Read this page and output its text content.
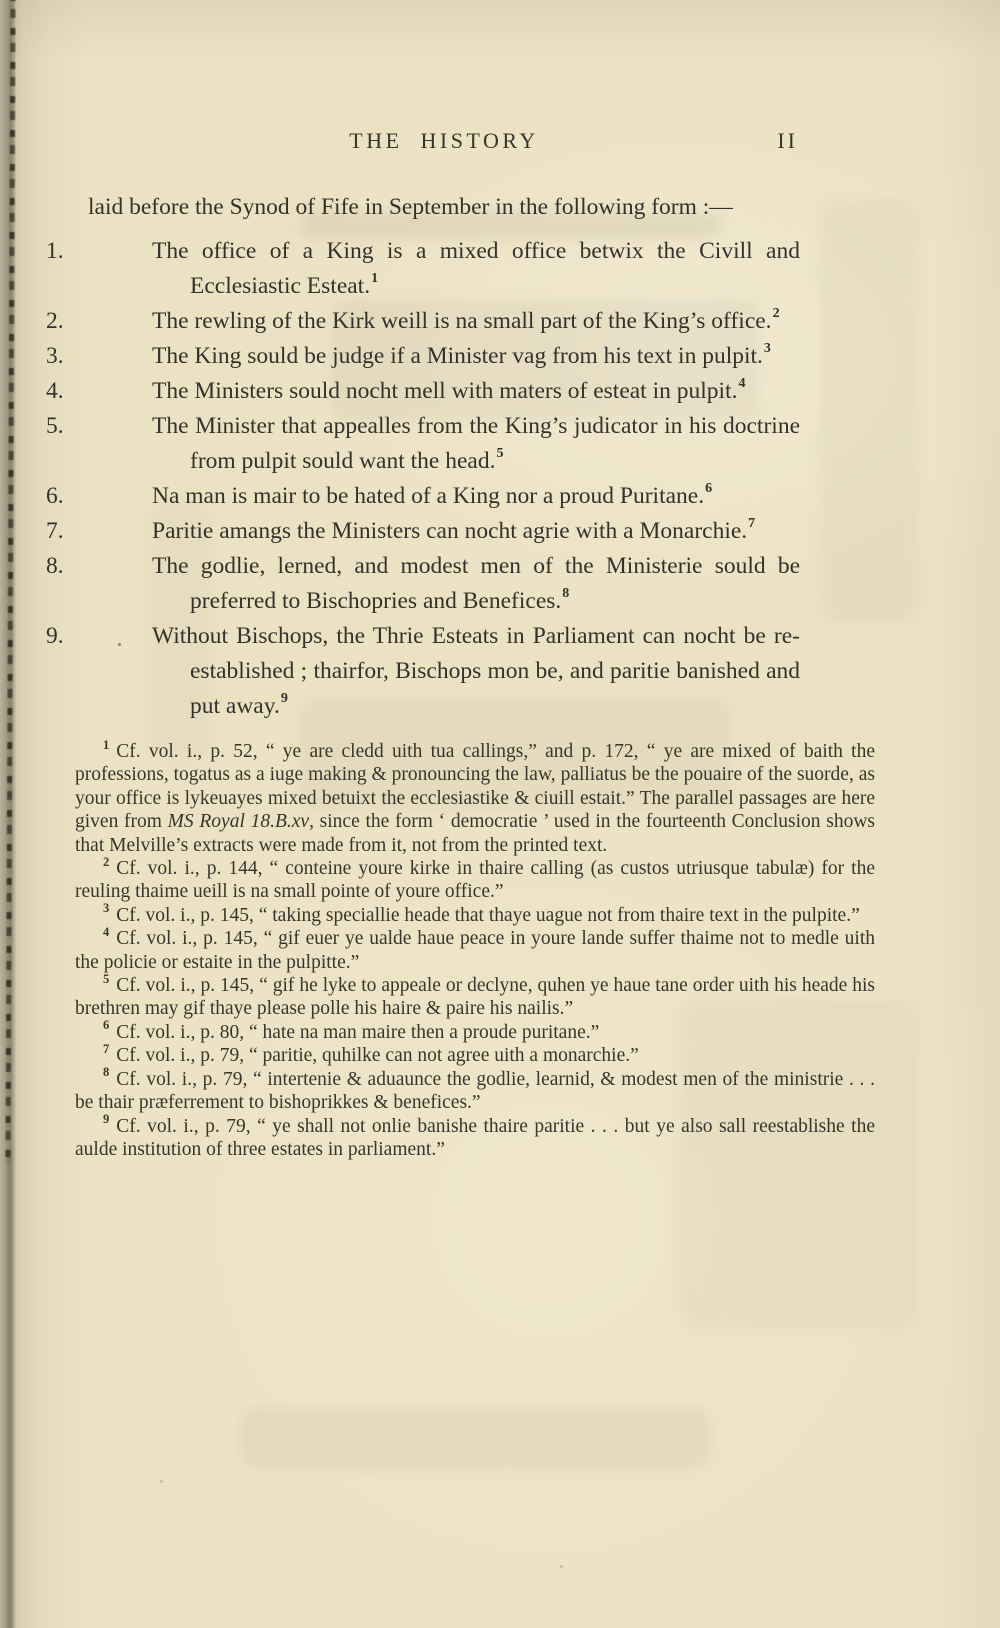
THE HISTORY	II

laid before the Synod of Fife in September in the following form :—

1.	The office of a King is a mixed office betwix the Civill and Ecclesiastic Esteat.$^1$
2.	The rewling of the Kirk weill is na small part of the King’s office.$^2$
3.	The King sould be judge if a Minister vag from his text in pulpit.$^3$
4.	The Ministers sould nocht mell with maters of esteat in pulpit.$^4$
5.	The Minister that appealles from the King’s judicator in his doctrine from pulpit sould want the head.$^5$
6.	Na man is mair to be hated of a King nor a proud Puritane.$^6$
7.	Paritie amangs the Ministers can nocht agrie with a Monarchie.$^7$
8.	The godlie, lerned, and modest men of the Ministerie sould be preferred to Bischopries and Benefices.$^8$
9.	Without Bischops, the Thrie Esteats in Parliament can nocht be re-established ; thairfor, Bischops mon be, and paritie banished and put away.$^9$

$^1$ Cf. vol. i., p. 52, “ ye are cledd uith tua callings,” and p. 172, “ ye are mixed of baith the professions, togatus as a iuge making & pronouncing the law, palliatus be the pouaire of the suorde, as your office is lykeuayes mixed betuixt the ecclesiastike & ciuill estait.” The parallel passages are here given from MS Royal 18.B.xv, since the form ‘ democratie ’ used in the fourteenth Conclusion shows that Melville’s extracts were made from it, not from the printed text.

$^2$ Cf. vol. i., p. 144, “ conteine youre kirke in thaire calling (as custos utriusque tabulæ) for the reuling thaime ueill is na small pointe of youre office.”

$^3$ Cf. vol. i., p. 145, “ taking speciallie heade that thaye uague not from thaire text in the pulpite.”

$^4$ Cf. vol. i., p. 145, “ gif euer ye ualde haue peace in youre lande suffer thaime not to medle uith the policie or estaite in the pulpitte.”

$^5$ Cf. vol. i., p. 145, “ gif he lyke to appeale or declyne, quhen ye haue tane order uith his heade his brethren may gif thaye please polle his haire & paire his nailis.”

$^6$ Cf. vol. i., p. 80, “ hate na man maire then a proude puritane.”

$^7$ Cf. vol. i., p. 79, “ paritie, quhilke can not agree uith a monarchie.”

$^8$ Cf. vol. i., p. 79, “ intertenie & aduaunce the godlie, learnid, & modest men of the ministrie . . . be thair præferrement to bishoprikkes & benefices.”

$^9$ Cf. vol. i., p. 79, “ ye shall not onlie banishe thaire paritie . . . but ye also sall reestablishe the aulde institution of three estates in parliament.”
